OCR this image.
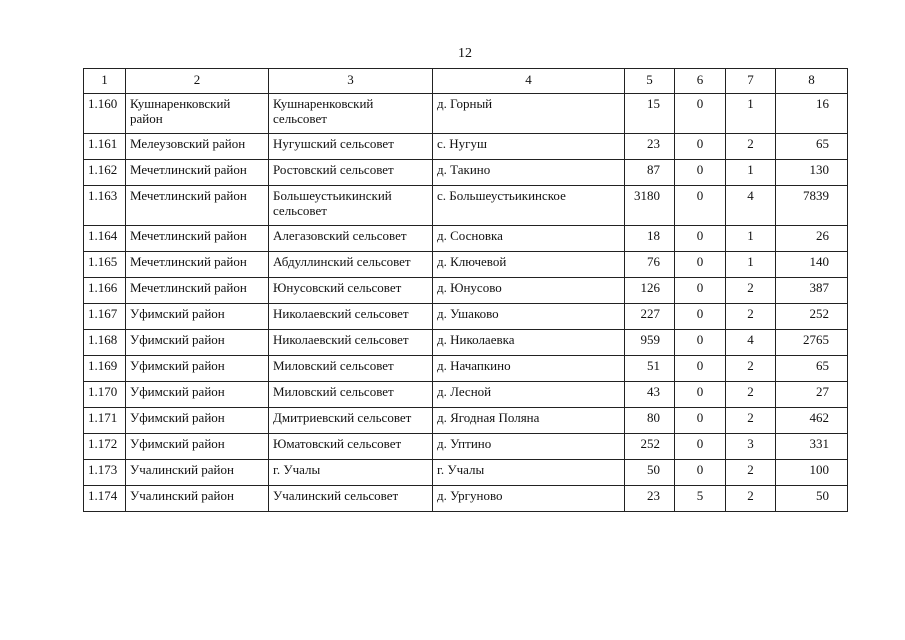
12
1	2	3	4	5	6	7	8
1.160	Кушнаренковский район	Кушнаренковский сельсовет	д. Горный	15	0	1	16
1.161	Мелеузовский район	Нугушский сельсовет	с. Нугуш	23	0	2	65
1.162	Мечетлинский район	Ростовский сельсовет	д. Такино	87	0	1	130
1.163	Мечетлинский район	Большеустьикинский сельсовет	с. Большеустьикинское	3180	0	4	7839
1.164	Мечетлинский район	Алегазовский сельсовет	д. Сосновка	18	0	1	26
1.165	Мечетлинский район	Абдуллинский сельсовет	д. Ключевой	76	0	1	140
1.166	Мечетлинский район	Юнусовский сельсовет	д. Юнусово	126	0	2	387
1.167	Уфимский район	Николаевский сельсовет	д. Ушаково	227	0	2	252
1.168	Уфимский район	Николаевский сельсовет	д. Николаевка	959	0	4	2765
1.169	Уфимский район	Миловский сельсовет	д. Начапкино	51	0	2	65
1.170	Уфимский район	Миловский сельсовет	д. Лесной	43	0	2	27
1.171	Уфимский район	Дмитриевский сельсовет	д. Ягодная Поляна	80	0	2	462
1.172	Уфимский район	Юматовский сельсовет	д. Уптино	252	0	3	331
1.173	Учалинский район	г. Учалы	г. Учалы	50	0	2	100
1.174	Учалинский район	Учалинский сельсовет	д. Ургуново	23	5	2	50
